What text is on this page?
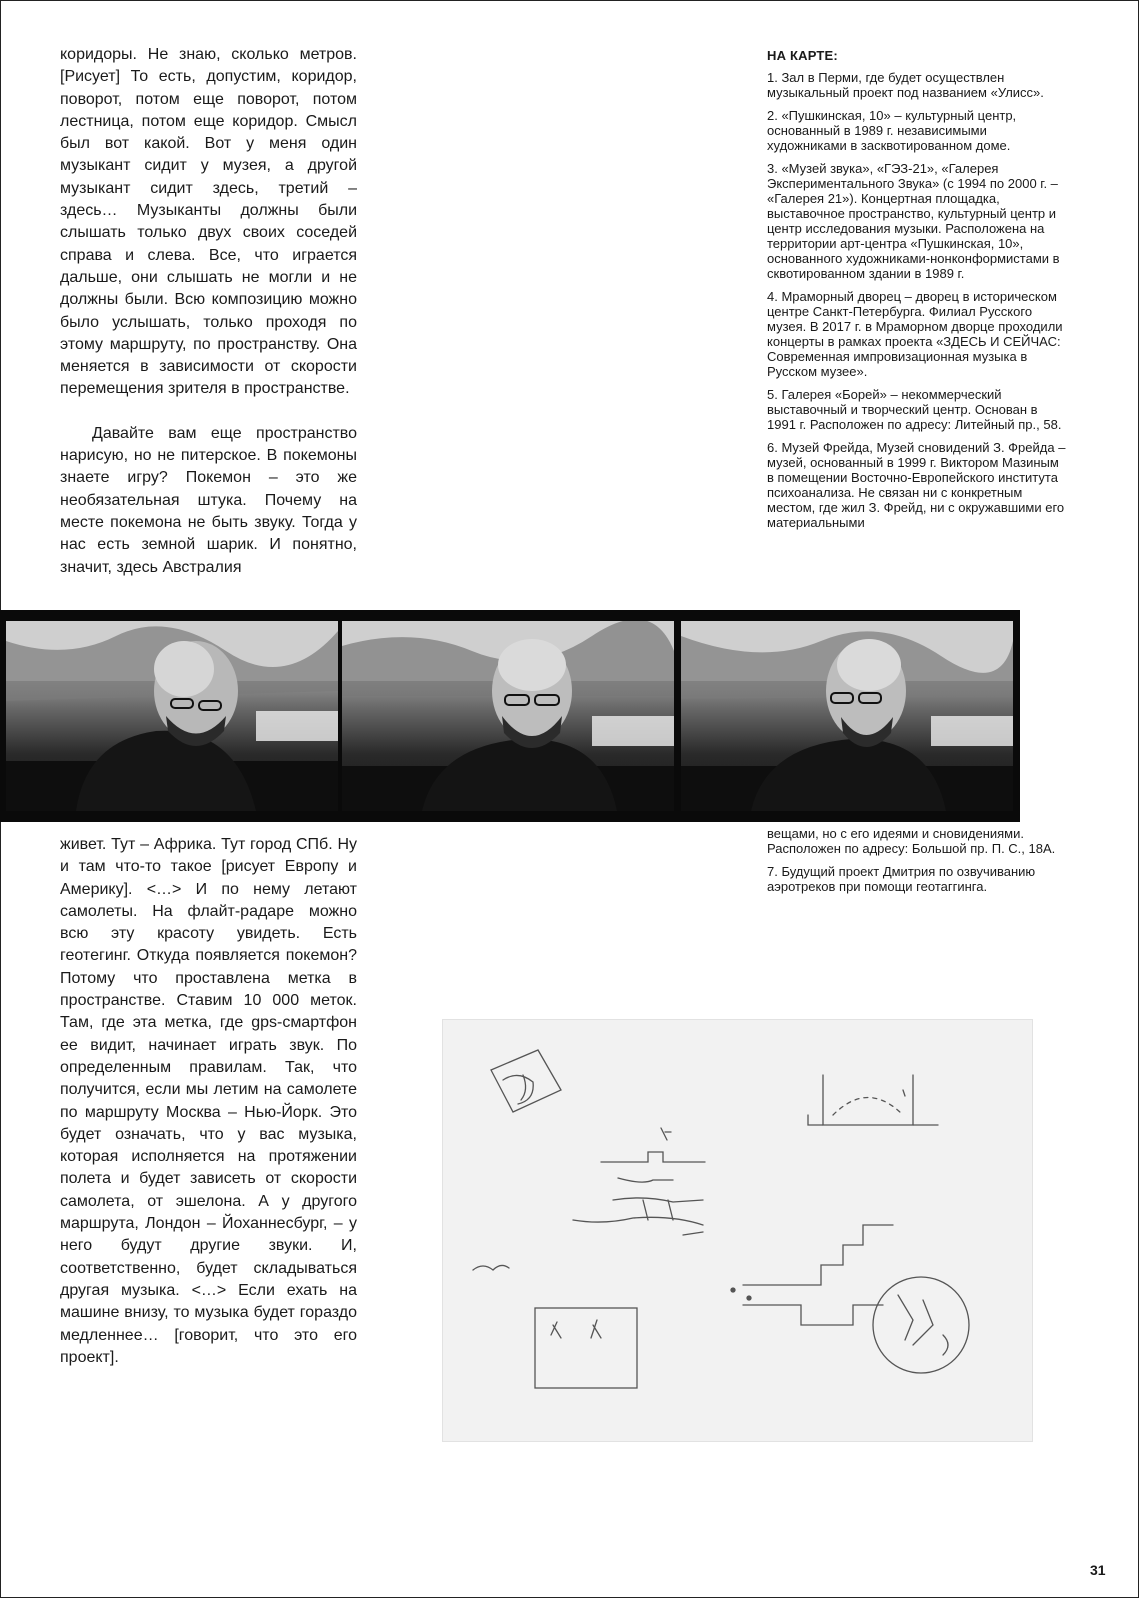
коридоры. Не знаю, сколько метров. [Рисует] То есть, допустим, коридор, поворот, потом еще поворот, потом лестница, потом еще коридор. Смысл был вот какой. Вот у меня один музыкант сидит у музея, а другой музыкант сидит здесь, третий – здесь… Музыканты должны были слышать только двух своих соседей справа и слева. Все, что играется дальше, они слышать не могли и не должны были. Всю композицию можно было услышать, только проходя по этому маршруту, по пространству. Она меняется в зависимости от скорости перемещения зрителя в пространстве.

Давайте вам еще пространство нарисую, но не питерское. В покемоны знаете игру? Покемон – это же необязательная штука. Почему на месте покемона не быть звуку. Тогда у нас есть земной шарик. И понятно, значит, здесь Австралия

НА КАРТЕ:

1. Зал в Перми, где будет осуществлен музыкальный проект под названием «Улисс».

2. «Пушкинская, 10» – культурный центр, основанный в 1989 г. независимыми художниками в засквотированном доме.

3. «Музей звука», «ГЭЗ-21», «Галерея Экспериментального Звука» (с 1994 по 2000 г. – «Галерея 21»). Концертная площадка, выставочное пространство, культурный центр и центр исследования музыки. Расположена на территории арт-центра «Пушкинская, 10», основанного художниками-нонконформистами в сквотированном здании в 1989 г.

4. Мраморный дворец – дворец в историческом центре Санкт-Петербурга. Филиал Русского музея. В 2017 г. в Мраморном дворце проходили концерты в рамках проекта «ЗДЕСЬ И СЕЙЧАС: Современная импровизационная музыка в Русском музее».

5. Галерея «Борей» – некоммерческий выставочный и творческий центр. Основан в 1991 г. Расположен по адресу: Литейный пр., 58.

6. Музей Фрейда, Музей сновидений З. Фрейда – музей, основанный в 1999 г. Виктором Мазиным в помещении Восточно-Европейского института психоанализа. Не связан ни с конкретным местом, где жил З. Фрейд, ни с окружавшими его материальными

живет. Тут – Африка. Тут город СПб. Ну и там что-то такое [рисует Европу и Америку]. <…> И по нему летают самолеты. На флайт-радаре можно всю эту красоту увидеть. Есть геотегинг. Откуда появляется покемон? Потому что проставлена метка в пространстве. Ставим 10 000 меток. Там, где эта метка, где gps-смартфон ее видит, начинает играть звук. По определенным правилам. Так, что получится, если мы летим на самолете по маршруту Москва – Нью-Йорк. Это будет означать, что у вас музыка, которая исполняется на протяжении полета и будет зависеть от скорости самолета, от эшелона. А у другого маршрута, Лондон – Йоханнесбург, – у него будут другие звуки. И, соответственно, будет складываться другая музыка. <…> Если ехать на машине внизу, то музыка будет гораздо медленнее… [говорит, что это его проект].

вещами, но с его идеями и сновидениями. Расположен по адресу: Большой пр. П. С., 18А.

7. Будущий проект Дмитрия по озвучиванию аэротреков при помощи геотаггинга.

31
